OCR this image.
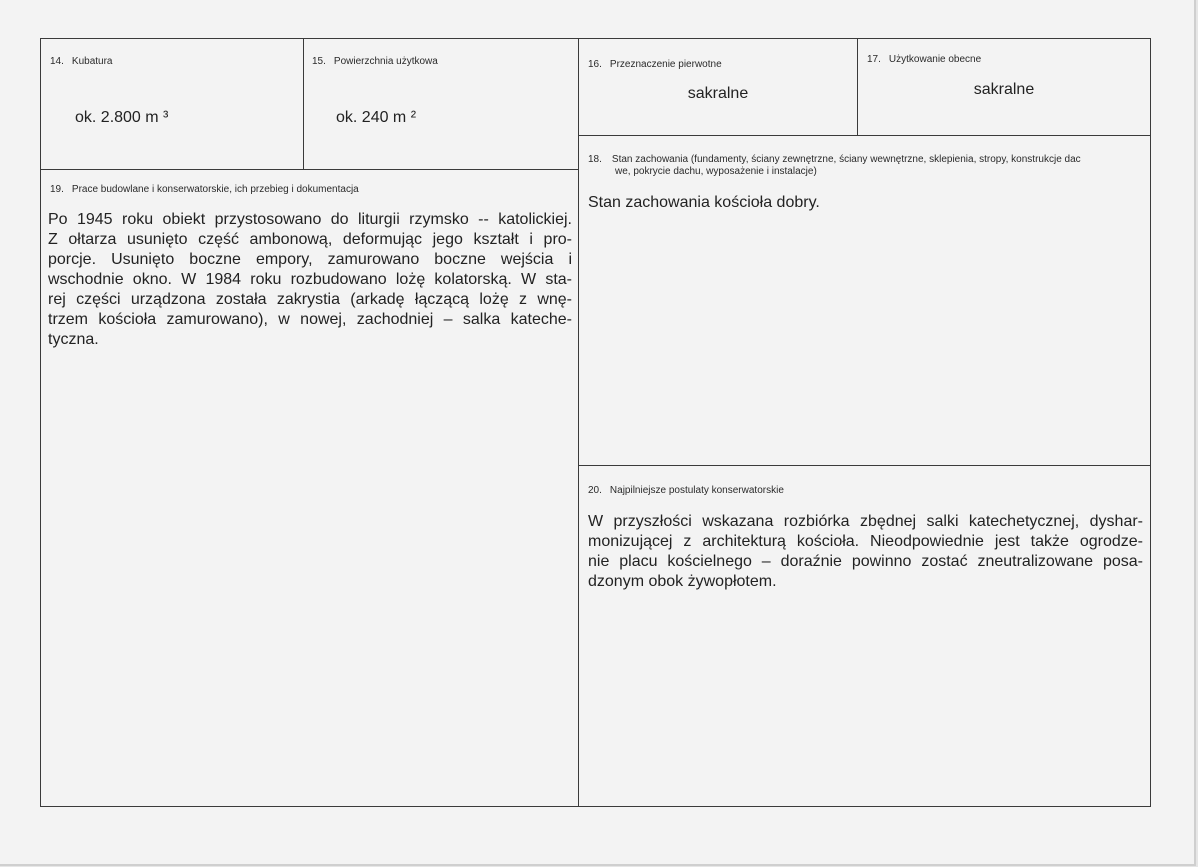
14. Kubatura
ok. 2.800 m ³
15. Powierzchnia użytkowa
ok. 240 m ²
16. Przeznaczenie pierwotne
sakralne
17. Użytkowanie obecne
sakralne
18. Stan zachowania (fundamenty, ściany zewnętrzne, ściany wewnętrzne, sklepienia, stropy, konstrukcje dac
we, pokrycie dachu, wyposażenie i instalacje)
Stan zachowania kościoła dobry.
19. Prace budowlane i konserwatorskie, ich przebieg i dokumentacja
Po 1945 roku obiekt przystosowano do liturgii rzymsko -- katolickiej.
Z ołtarza usunięto część ambonową, deformując jego kształt i pro-
porcje. Usunięto boczne empory, zamurowano boczne wejścia i
wschodnie okno. W 1984 roku rozbudowano lożę kolatorską. W sta-
rej części urządzona została zakrystia (arkadę łączącą lożę z wnę-
trzem kościoła zamurowano), w nowej, zachodniej – salka kateche-
tyczna.
20. Najpilniejsze postulaty konserwatorskie
W przyszłości wskazana rozbiórka zbędnej salki katechetycznej, dyshar-
monizującej z architekturą kościoła. Nieodpowiednie jest także ogrodze-
nie placu kościelnego – doraźnie powinno zostać zneutralizowane posa-
dzonym obok żywopłotem.
